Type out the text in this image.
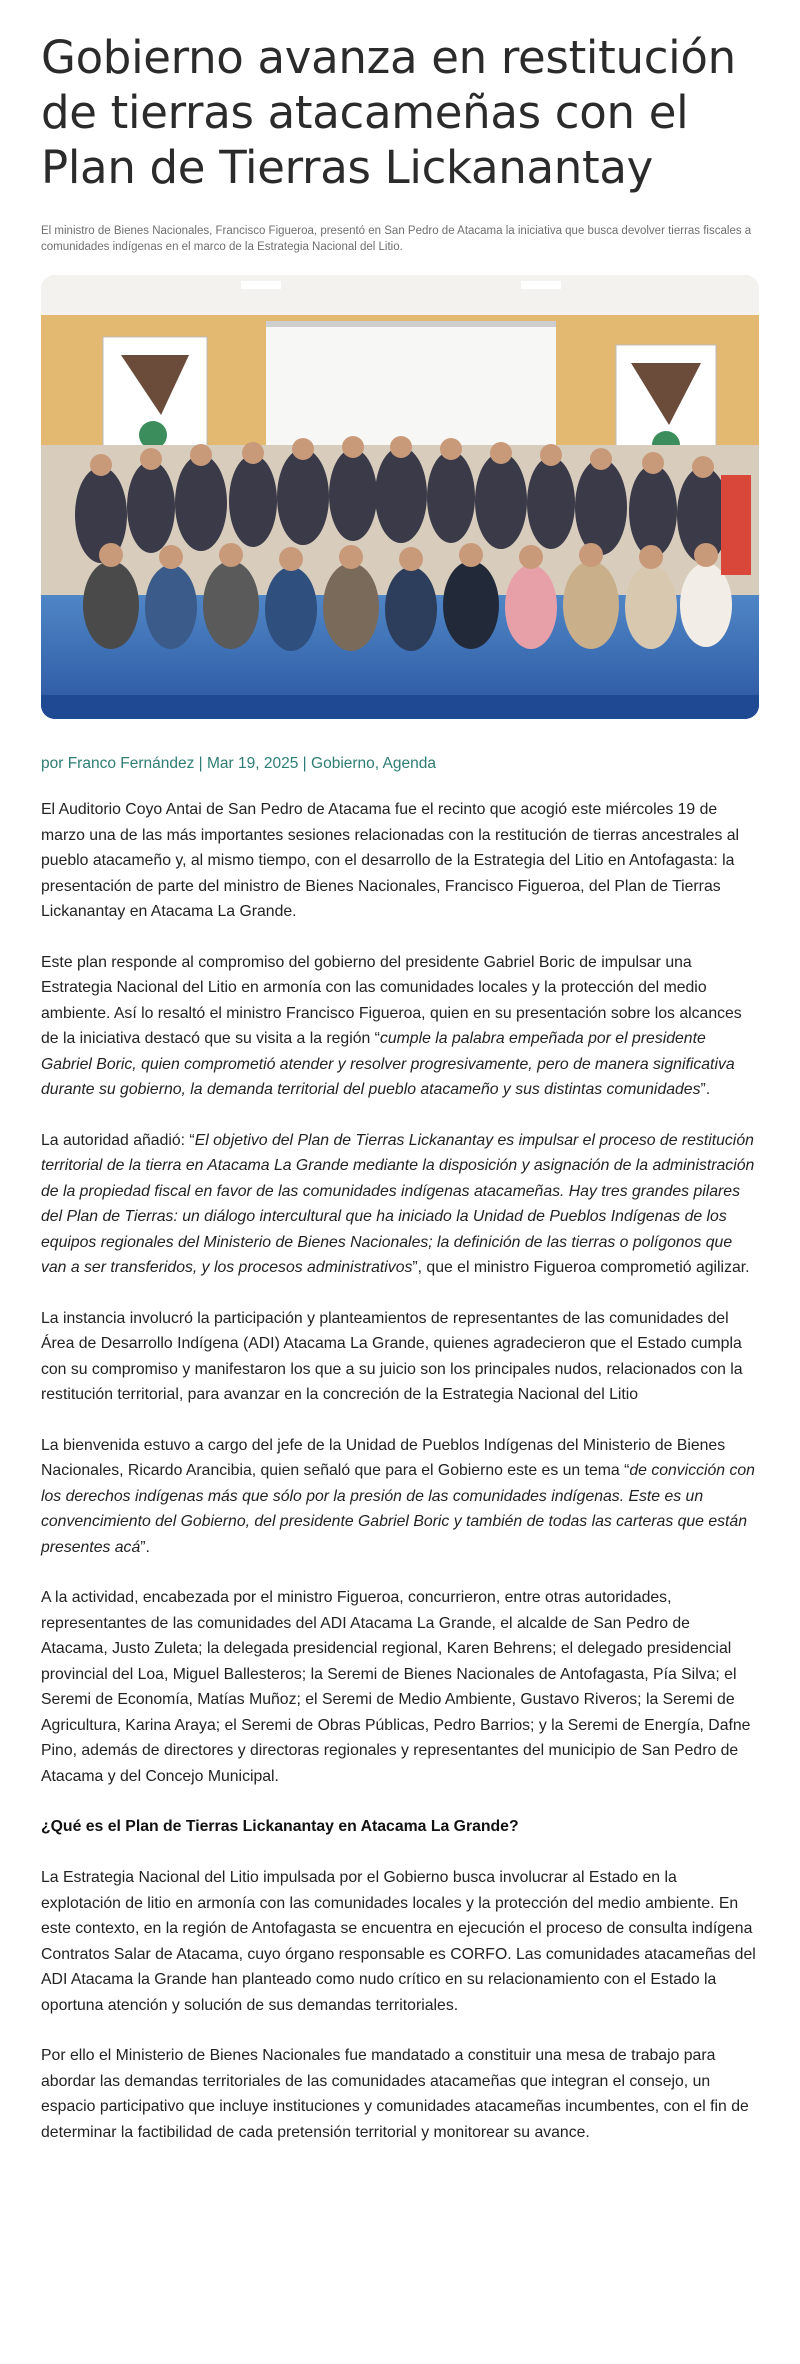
Gobierno avanza en restitución de tierras atacameñas con el Plan de Tierras Lickanantay
El ministro de Bienes Nacionales, Francisco Figueroa, presentó en San Pedro de Atacama la iniciativa que busca devolver tierras fiscales a comunidades indígenas en el marco de la Estrategia Nacional del Litio.
por Franco Fernández | Mar 19, 2025 | Gobierno, Agenda

El Auditorio Coyo Antai de San Pedro de Atacama fue el recinto que acogió este miércoles 19 de marzo una de las más importantes sesiones relacionadas con la restitución de tierras ancestrales al pueblo atacameño y, al mismo tiempo, con el desarrollo de la Estrategia del Litio en Antofagasta: la presentación de parte del ministro de Bienes Nacionales, Francisco Figueroa, del Plan de Tierras Lickanantay en Atacama La Grande.

Este plan responde al compromiso del gobierno del presidente Gabriel Boric de impulsar una Estrategia Nacional del Litio en armonía con las comunidades locales y la protección del medio ambiente. Así lo resaltó el ministro Francisco Figueroa, quien en su presentación sobre los alcances de la iniciativa destacó que su visita a la región “cumple la palabra empeñada por el presidente Gabriel Boric, quien comprometió atender y resolver progresivamente, pero de manera significativa durante su gobierno, la demanda territorial del pueblo atacameño y sus distintas comunidades”.

La autoridad añadió: “El objetivo del Plan de Tierras Lickanantay es impulsar el proceso de restitución territorial de la tierra en Atacama La Grande mediante la disposición y asignación de la administración de la propiedad fiscal en favor de las comunidades indígenas atacameñas. Hay tres grandes pilares del Plan de Tierras: un diálogo intercultural que ha iniciado la Unidad de Pueblos Indígenas de los equipos regionales del Ministerio de Bienes Nacionales; la definición de las tierras o polígonos que van a ser transferidos, y los procesos administrativos”, que el ministro Figueroa comprometió agilizar.

La instancia involucró la participación y planteamientos de representantes de las comunidades del Área de Desarrollo Indígena (ADI) Atacama La Grande, quienes agradecieron que el Estado cumpla con su compromiso y manifestaron los que a su juicio son los principales nudos, relacionados con la restitución territorial, para avanzar en la concreción de la Estrategia Nacional del Litio

La bienvenida estuvo a cargo del jefe de la Unidad de Pueblos Indígenas del Ministerio de Bienes Nacionales, Ricardo Arancibia, quien señaló que para el Gobierno este es un tema “de convicción con los derechos indígenas más que sólo por la presión de las comunidades indígenas. Este es un convencimiento del Gobierno, del presidente Gabriel Boric y también de todas las carteras que están presentes acá”.

A la actividad, encabezada por el ministro Figueroa, concurrieron, entre otras autoridades, representantes de las comunidades del ADI Atacama La Grande, el alcalde de San Pedro de Atacama, Justo Zuleta; la delegada presidencial regional, Karen Behrens; el delegado presidencial provincial del Loa, Miguel Ballesteros; la Seremi de Bienes Nacionales de Antofagasta, Pía Silva; el Seremi de Economía, Matías Muñoz; el Seremi de Medio Ambiente, Gustavo Riveros; la Seremi de Agricultura, Karina Araya; el Seremi de Obras Públicas, Pedro Barrios; y la Seremi de Energía, Dafne Pino, además de directores y directoras regionales y representantes del municipio de San Pedro de Atacama y del Concejo Municipal.

¿Qué es el Plan de Tierras Lickanantay en Atacama La Grande?

La Estrategia Nacional del Litio impulsada por el Gobierno busca involucrar al Estado en la explotación de litio en armonía con las comunidades locales y la protección del medio ambiente. En este contexto, en la región de Antofagasta se encuentra en ejecución el proceso de consulta indígena Contratos Salar de Atacama, cuyo órgano responsable es CORFO. Las comunidades atacameñas del ADI Atacama la Grande han planteado como nudo crítico en su relacionamiento con el Estado la oportuna atención y solución de sus demandas territoriales.

Por ello el Ministerio de Bienes Nacionales fue mandatado a constituir una mesa de trabajo para abordar las demandas territoriales de las comunidades atacameñas que integran el consejo, un espacio participativo que incluye instituciones y comunidades atacameñas incumbentes, con el fin de determinar la factibilidad de cada pretensión territorial y monitorear su avance.
